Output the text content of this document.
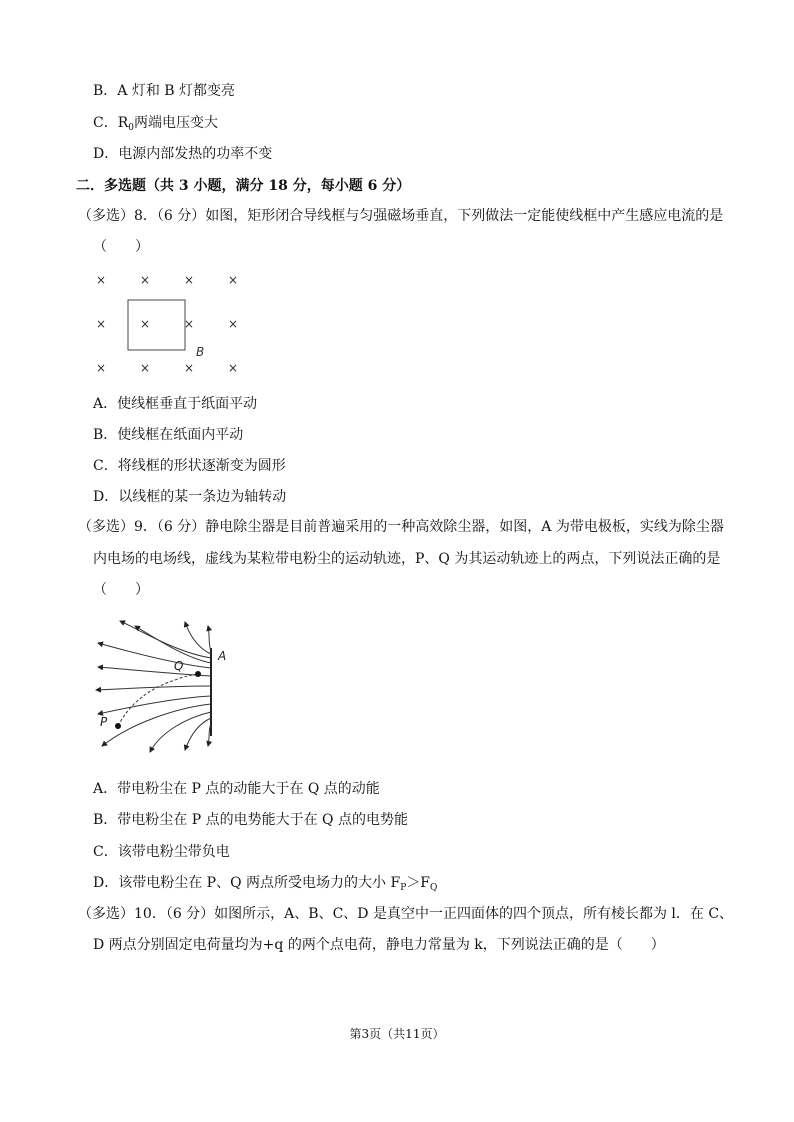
B．A 灯和 B 灯都变亮
C．$R_0$两端电压变大
D．电源内部发热的功率不变
二．多选题（共 3 小题，满分 18 分，每小题 6 分）
（多选）8．（6 分）如图，矩形闭合导线框与匀强磁场垂直，下列做法一定能使线框中产生感应电流的是
（　　）
×	×	×	×
×	×	×	×
×	×	×	×
B
A．使线框垂直于纸面平动
B．使线框在纸面内平动
C．将线框的形状逐渐变为圆形
D．以线框的某一条边为轴转动
（多选）9．（6 分）静电除尘器是目前普遍采用的一种高效除尘器，如图，A 为带电极板，实线为除尘器
内电场的电场线，虚线为某粒带电粉尘的运动轨迹，P、Q 为其运动轨迹上的两点，下列说法正确的是
（　　）
A
Q
P
A．带电粉尘在 P 点的动能大于在 Q 点的动能
B．带电粉尘在 P 点的电势能大于在 Q 点的电势能
C．该带电粉尘带负电
D．该带电粉尘在 P、Q 两点所受电场力的大小 $F_P>F_Q$
（多选）10．（6 分）如图所示，A、B、C、D 是真空中一正四面体的四个顶点，所有棱长都为 l．在 C、
D 两点分别固定电荷量均为+q 的两个点电荷，静电力常量为 k，下列说法正确的是（　　）
第3页（共11页）
